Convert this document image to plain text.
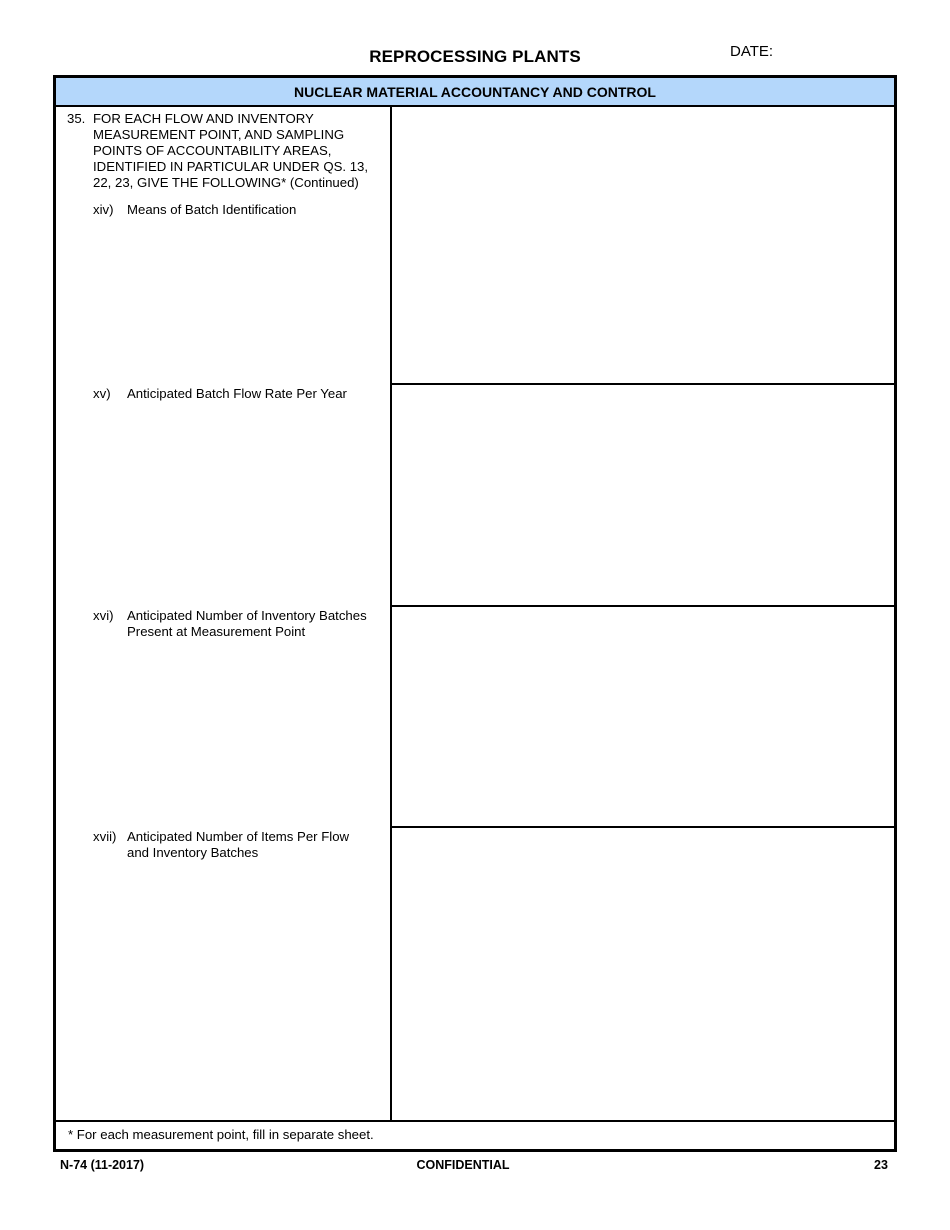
REPROCESSING PLANTS	DATE:
NUCLEAR MATERIAL ACCOUNTANCY AND CONTROL
35. FOR EACH FLOW AND INVENTORY
MEASUREMENT POINT, AND SAMPLING
POINTS OF ACCOUNTABILITY AREAS,
IDENTIFIED IN PARTICULAR UNDER QS. 13,
22, 23, GIVE THE FOLLOWING* (Continued)
xiv) Means of Batch Identification
xv) Anticipated Batch Flow Rate Per Year
xvi) Anticipated Number of Inventory Batches
Present at Measurement Point
xvii) Anticipated Number of Items Per Flow
and Inventory Batches
* For each measurement point, fill in separate sheet.
N-74 (11-2017)	CONFIDENTIAL	23
